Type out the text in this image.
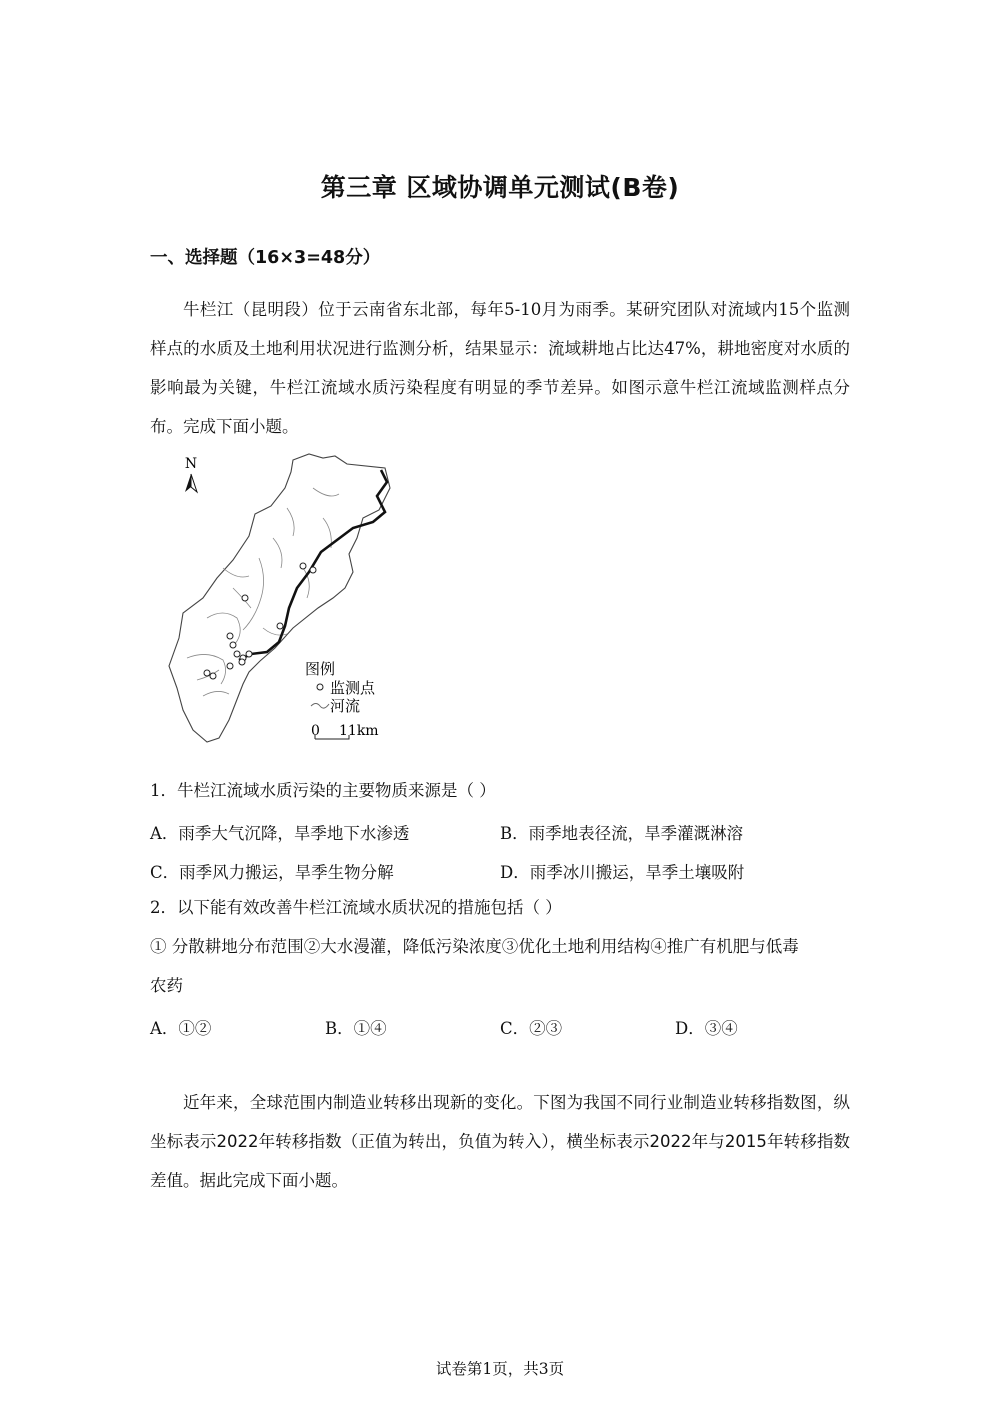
第三章 区域协调单元测试(B卷)
一、选择题（16×3=48分）

牛栏江（昆明段）位于云南省东北部，每年5-10月为雨季。某研究团队对流域内15个监测样点的水质及土地利用状况进行监测分析，结果显示：流域耕地占比达47%，耕地密度对水质的影响最为关键，牛栏江流域水质污染程度有明显的季节差异。如图示意牛栏江流域监测样点分布。完成下面小题。

N
图例
监测点
河流
0 11km
1．牛栏江流域水质污染的主要物质来源是（ ）
A．雨季大气沉降，旱季地下水渗透	B．雨季地表径流，旱季灌溉淋溶
C．雨季风力搬运，旱季生物分解	D．雨季冰川搬运，旱季土壤吸附
2．以下能有效改善牛栏江流域水质状况的措施包括（ ）
① 分散耕地分布范围②大水漫灌，降低污染浓度③优化土地利用结构④推广有机肥与低毒
农药
A．①②	B．①④	C．②③	D．③④

近年来，全球范围内制造业转移出现新的变化。下图为我国不同行业制造业转移指数图，纵坐标表示2022年转移指数（正值为转出，负值为转入），横坐标表示2022年与2015年转移指数差值。据此完成下面小题。

试卷第1页，共3页
